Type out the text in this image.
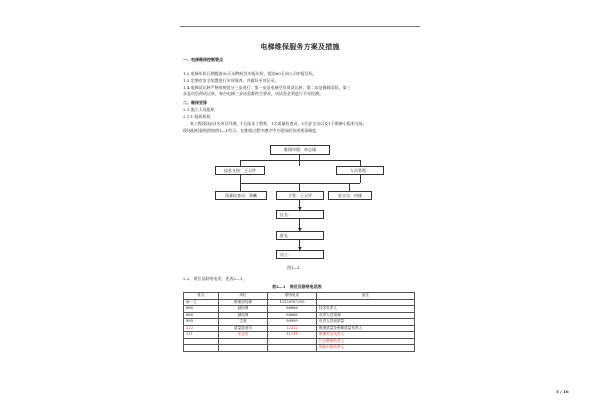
电梯维保服务方案及措施
一、电梯维保控制要点
1.2 电梯年检日期提前30天向物检处申报年检，提前60天向公司申报目标。
1.3 定期对安全装置进行专项保养，并做好专项记录。
1.4 电梯试运转严格按规范分三步进行：第一步是电梯空负荷试运转，第二步是静载试验，第三
步是动负荷试运转，每台电梯三步试验都符合要求，该试验必须进行半年检测。
二、维保安排
2.1 施工人员组织
2.1.1 组织机构
本工程现场由1名项目经理，1名技术工程师，1名质量检查员，1名安全员以及1个维修小组来完成。
现场组织架构图如图1—1所示，在维保过程中遵守甲方现场的各项规章制度。
维保经理：单志刚
技术支持：王天坪	人员管理：
质量检查员：郑曦	主管：王天坪	安全员：何刚
区长：
班长：
员工：
图1—1
2.2、岗位及联络电话，见表2—1。
表2—1　岗位及联络电话表
姓名	岗位	联络电话	备注
杨一立	维保部经理	13126767299	
888	副经理	88888	技术负责人
666	副经理	66666	负责人员管理
999	主管	99999	负责人员和质量
222	质量检查员	22222	维保质量及维修质量负责人
111	安全员	11111	维保安全负责人
			片区维保负责人
			现场小组负责人
5 / 16
